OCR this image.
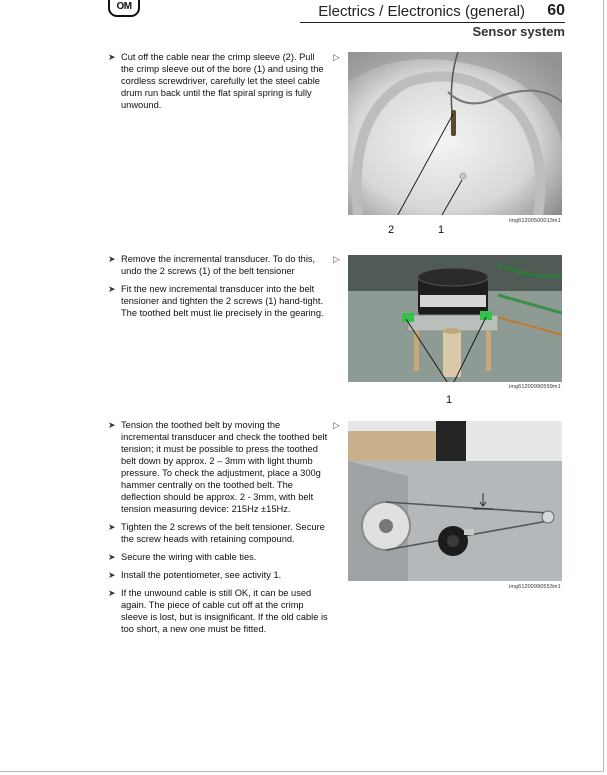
OM	Electrics / Electronics (general) 60
Sensor system
➤ Cut off the cable near the crimp sleeve (2). Pull the crimp sleeve out of the bore (1) and using the cordless screwdriver, carefully let the steel cable drum run back until the flat spiral spring is fully unwound.
▷
img61200500013m1
2	1
➤ Remove the incremental transducer. To do this, undo the 2 screws (1) of the belt tensioner
➤ Fit the new incremental transducer into the belt tensioner and tighten the 2 screws (1) hand-tight. The toothed belt must lie precisely in the gearing.
▷
img61200990559m1
1
➤ Tension the toothed belt by moving the incremental transducer and check the toothed belt tension; it must be possible to press the toothed belt down by approx. 2 – 3mm with light thumb pressure. To check the adjustment, place a 300g hammer centrally on the toothed belt. The deflection should be approx. 2 - 3mm, with belt tension measuring device: 215Hz ±15Hz.
➤ Tighten the 2 screws of the belt tensioner. Secure the screw heads with retaining compound.
➤ Secure the wiring with cable ties.
➤ Install the potentiometer, see activity 1.
➤ If the unwound cable is still OK, it can be used again. The piece of cable cut off at the crimp sleeve is lost, but is insignificant. If the old cable is too short, a new one must be fitted.
▷
img61200990553m1
